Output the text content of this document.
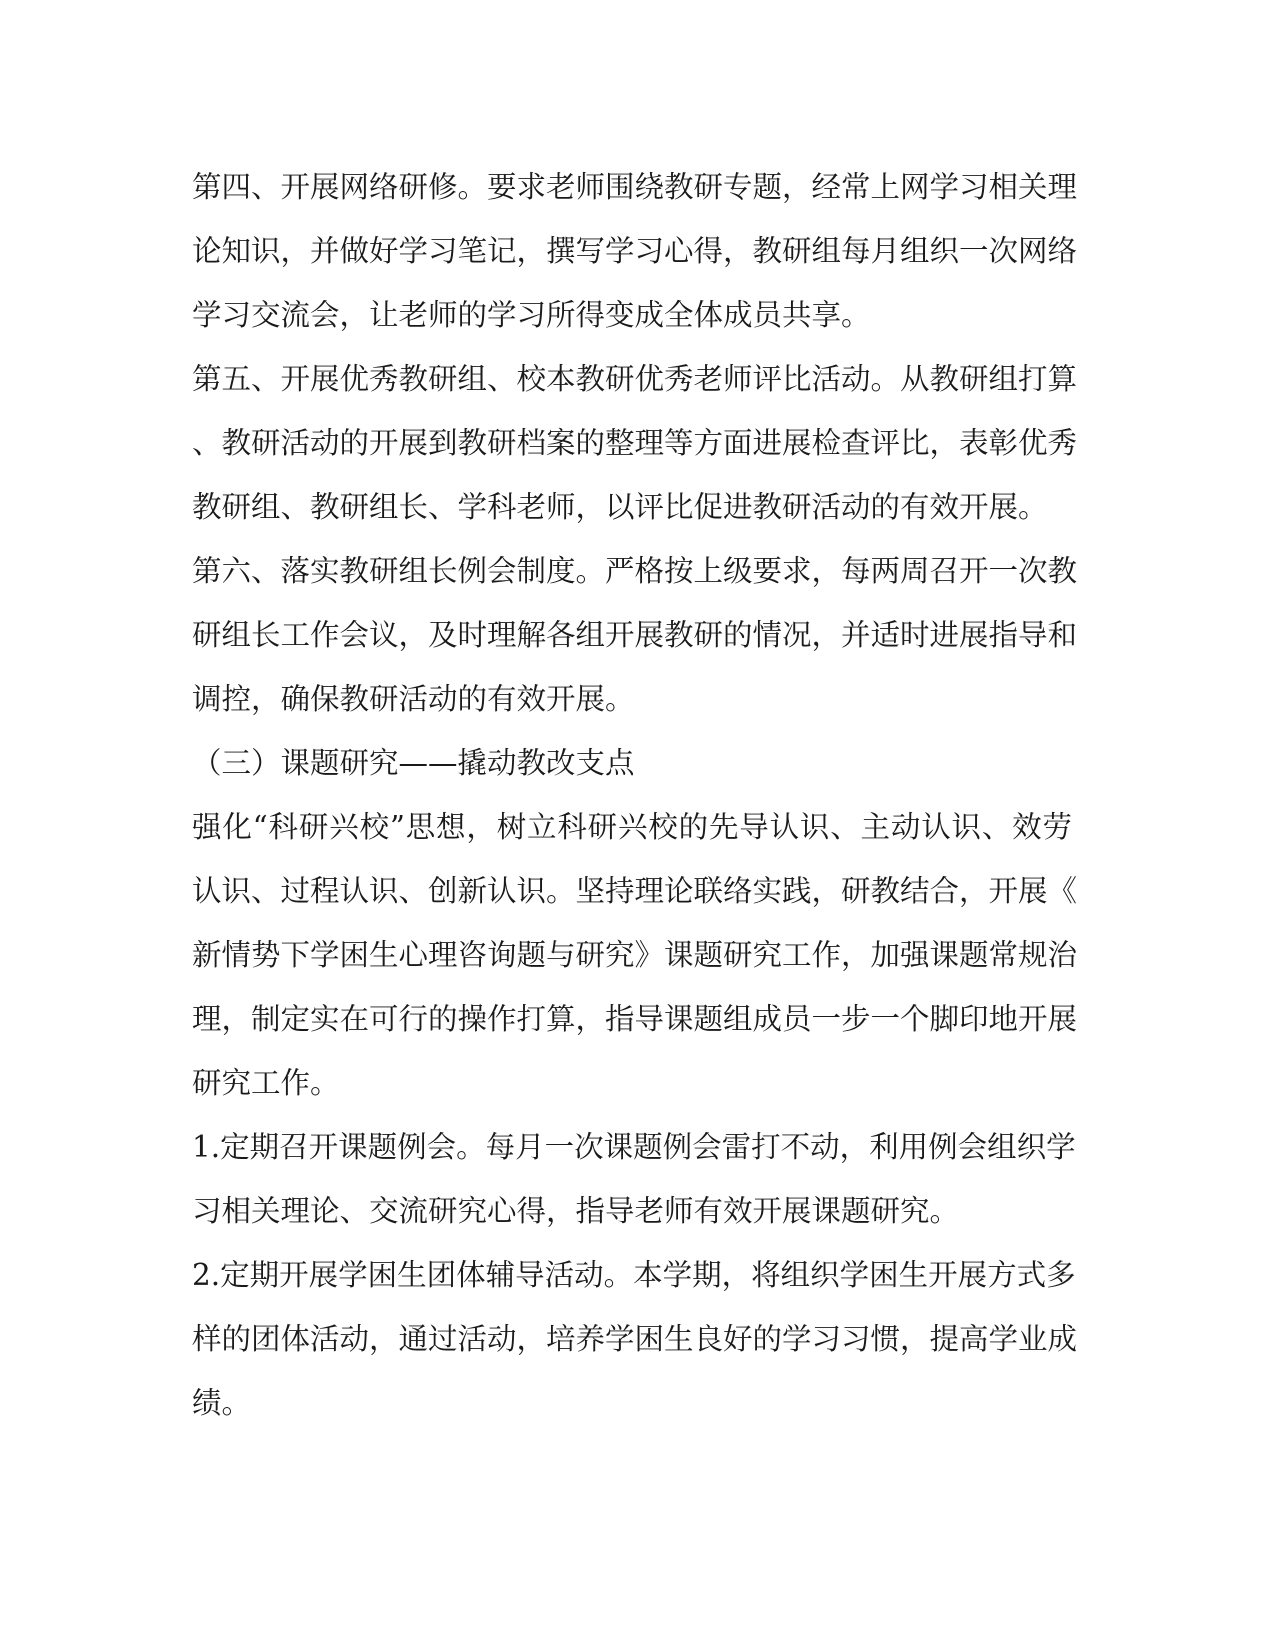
第四、开展网络研修。要求老师围绕教研专题，经常上网学习相关理
论知识，并做好学习笔记，撰写学习心得，教研组每月组织一次网络
学习交流会，让老师的学习所得变成全体成员共享。
第五、开展优秀教研组、校本教研优秀老师评比活动。从教研组打算
、教研活动的开展到教研档案的整理等方面进展检查评比，表彰优秀
教研组、教研组长、学科老师，以评比促进教研活动的有效开展。
第六、落实教研组长例会制度。严格按上级要求，每两周召开一次教
研组长工作会议，及时理解各组开展教研的情况，并适时进展指导和
调控，确保教研活动的有效开展。
（三）课题研究——撬动教改支点
强化“科研兴校”思想，树立科研兴校的先导认识、主动认识、效劳
认识、过程认识、创新认识。坚持理论联络实践，研教结合，开展《
新情势下学困生心理咨询题与研究》课题研究工作，加强课题常规治
理，制定实在可行的操作打算，指导课题组成员一步一个脚印地开展
研究工作。
1.定期召开课题例会。每月一次课题例会雷打不动，利用例会组织学
习相关理论、交流研究心得，指导老师有效开展课题研究。
2.定期开展学困生团体辅导活动。本学期，将组织学困生开展方式多
样的团体活动，通过活动，培养学困生良好的学习习惯，提高学业成
绩。
